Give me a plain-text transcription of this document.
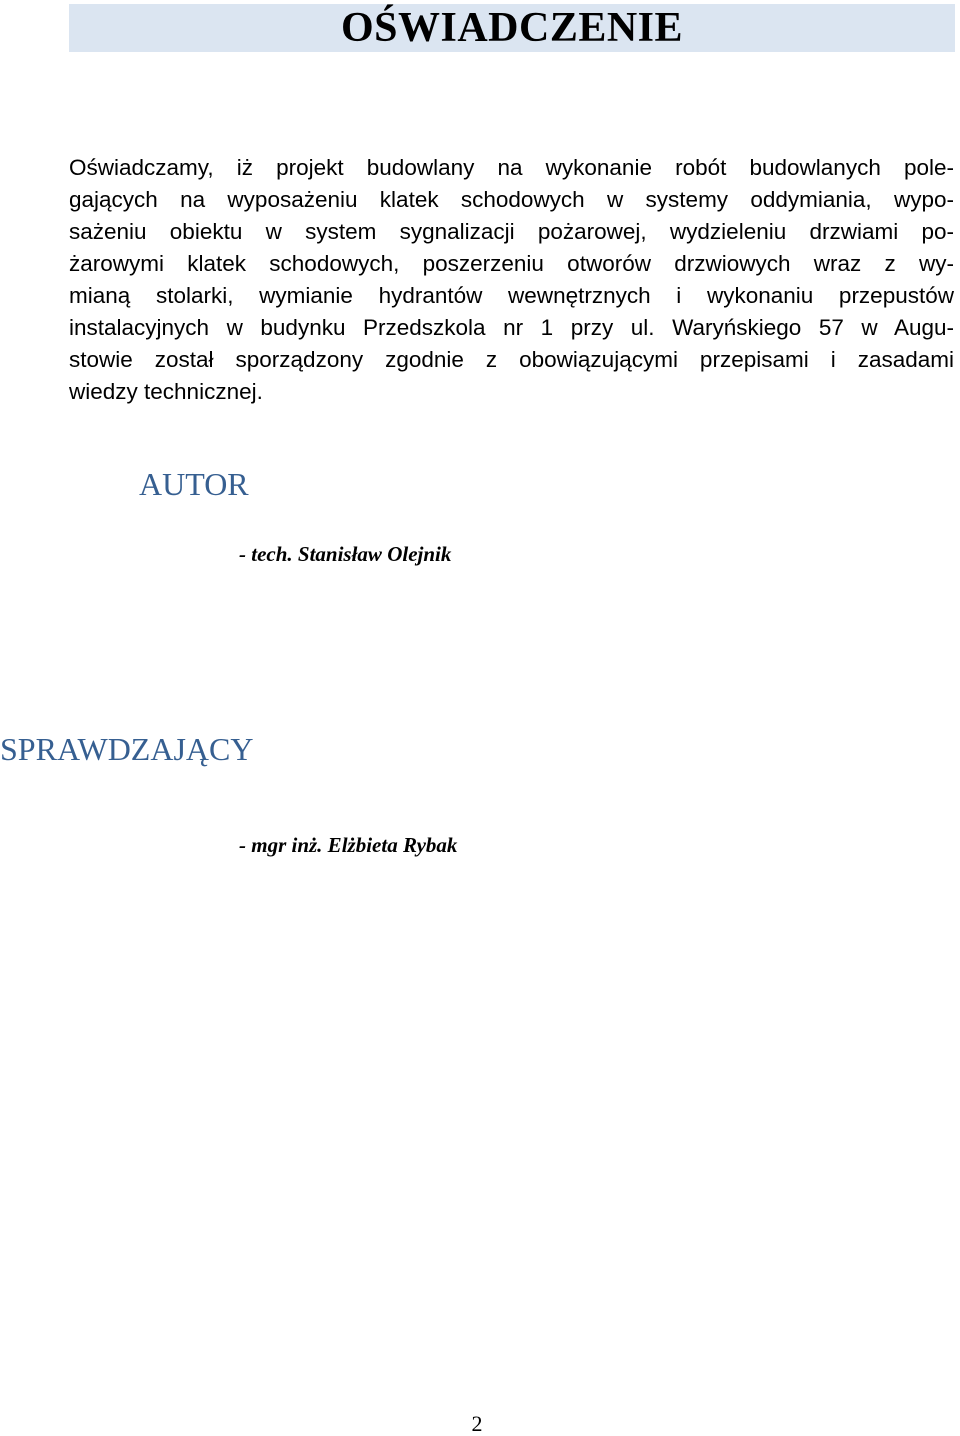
OŚWIADCZENIE
Oświadczamy, iż projekt budowlany na wykonanie robót budowlanych pole-
gających na wyposażeniu klatek schodowych w systemy oddymiania, wypo-
sażeniu obiektu w system sygnalizacji pożarowej, wydzieleniu drzwiami po-
żarowymi klatek schodowych, poszerzeniu otworów drzwiowych wraz z wy-
mianą stolarki, wymianie hydrantów wewnętrznych i wykonaniu przepustów
instalacyjnych w budynku Przedszkola nr 1 przy ul. Waryńskiego 57 w Augu-
stowie został sporządzony zgodnie z obowiązującymi przepisami i zasadami
wiedzy technicznej.
AUTOR
- tech. Stanisław Olejnik
SPRAWDZAJĄCY
- mgr inż. Elżbieta Rybak
2
